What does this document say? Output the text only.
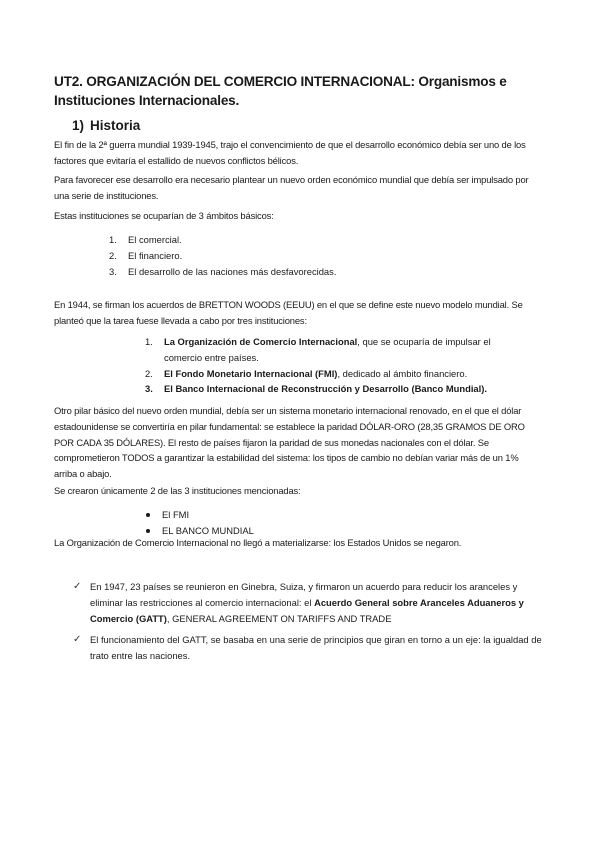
UT2. ORGANIZACIÓN DEL COMERCIO INTERNACIONAL: Organismos e Instituciones Internacionales.
1) Historia
El fin de la 2ª guerra mundial 1939-1945, trajo el convencimiento de que el desarrollo económico debía ser uno de los factores que evitaría el estallido de nuevos conflictos bélicos.
Para favorecer ese desarrollo era necesario plantear un nuevo orden económico mundial que debía ser impulsado por una serie de instituciones.
Estas instituciones se ocuparían de 3 ámbitos básicos:
1. El comercial.
2. El financiero.
3. El desarrollo de las naciones más desfavorecidas.
En 1944, se firman los acuerdos de BRETTON WOODS (EEUU) en el que se define este nuevo modelo mundial. Se planteó que la tarea fuese llevada a cabo por tres instituciones:
1. La Organización de Comercio Internacional, que se ocuparía de impulsar el comercio entre países.
2. El Fondo Monetario Internacional (FMI), dedicado al ámbito financiero.
3. El Banco Internacional de Reconstrucción y Desarrollo (Banco Mundial).
Otro pilar básico del nuevo orden mundial, debía ser un sistema monetario internacional renovado, en el que el dólar estadounidense se convertiría en pilar fundamental: se establece la paridad DÓLAR-ORO (28,35 GRAMOS DE ORO POR CADA 35 DÓLARES). El resto de países fijaron la paridad de sus monedas nacionales con el dólar. Se comprometieron TODOS a garantizar la estabilidad del sistema: los tipos de cambio no debían variar más de un 1% arriba o abajo.
Se crearon únicamente 2 de las 3 instituciones mencionadas:
El FMI
EL BANCO MUNDIAL
La Organización de Comercio Internacional no llegó a materializarse: los Estados Unidos se negaron.
✓ En 1947, 23 países se reunieron en Ginebra, Suiza, y firmaron un acuerdo para reducir los aranceles y eliminar las restricciones al comercio internacional: el Acuerdo General sobre Aranceles Aduaneros y Comercio (GATT), GENERAL AGREEMENT ON TARIFFS AND TRADE
✓ El funcionamiento del GATT, se basaba en una serie de principios que giran en torno a un eje: la igualdad de trato entre las naciones.
